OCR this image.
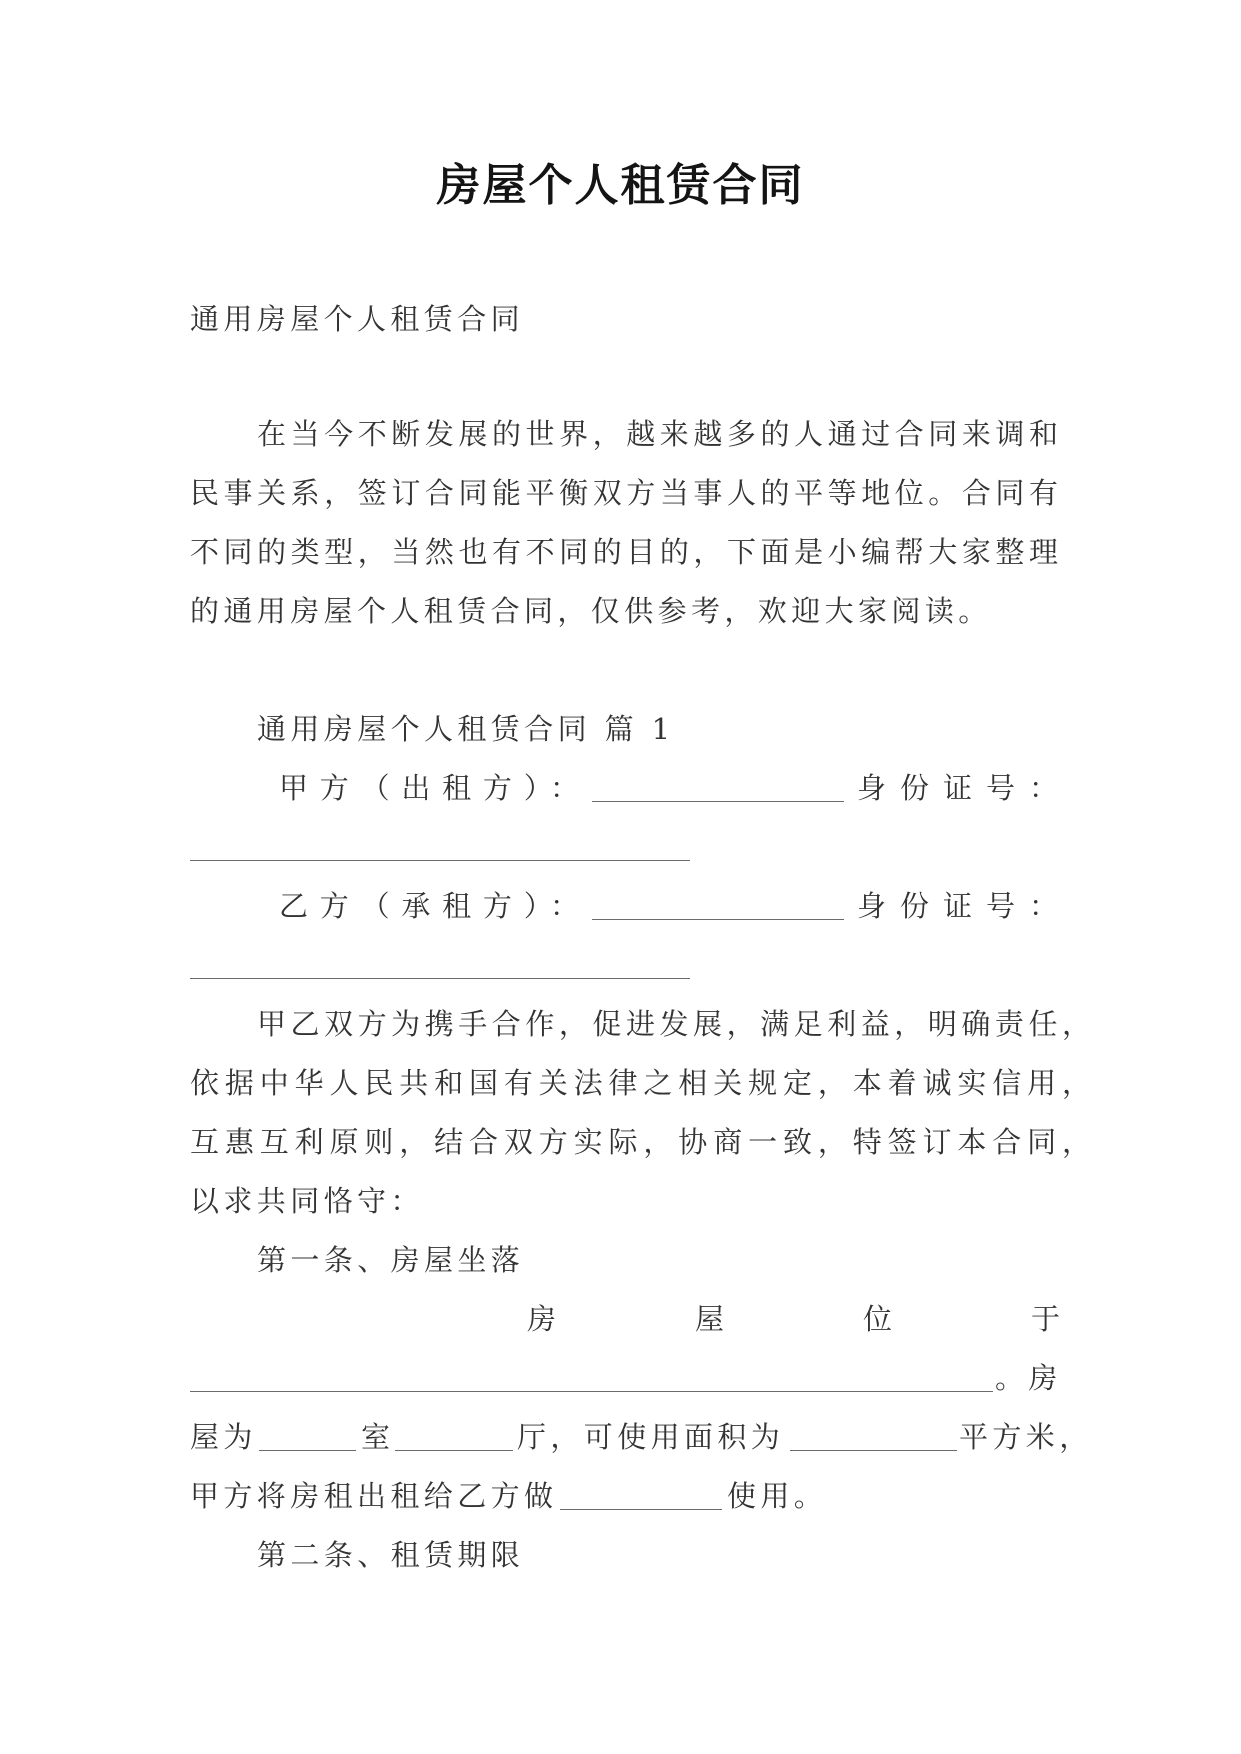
房屋个人租赁合同
通用房屋个人租赁合同
在当今不断发展的世界，越来越多的人通过合同来调和
民事关系，签订合同能平衡双方当事人的平等地位。合同有
不同的类型，当然也有不同的目的，下面是小编帮大家整理
的通用房屋个人租赁合同，仅供参考，欢迎大家阅读。
通用房屋个人租赁合同 篇 1
甲方（出租方）：	身份证号：
乙方（承租方）：	身份证号：
甲乙双方为携手合作，促进发展，满足利益，明确责任，
依据中华人民共和国有关法律之相关规定，本着诚实信用，
互惠互利原则，结合双方实际，协商一致，特签订本合同，
以求共同恪守：
第一条、房屋坐落
房屋位于
。房
屋为	室	厅，可使用面积为	平方米，
甲方将房租出租给乙方做	使用。
第二条、租赁期限
